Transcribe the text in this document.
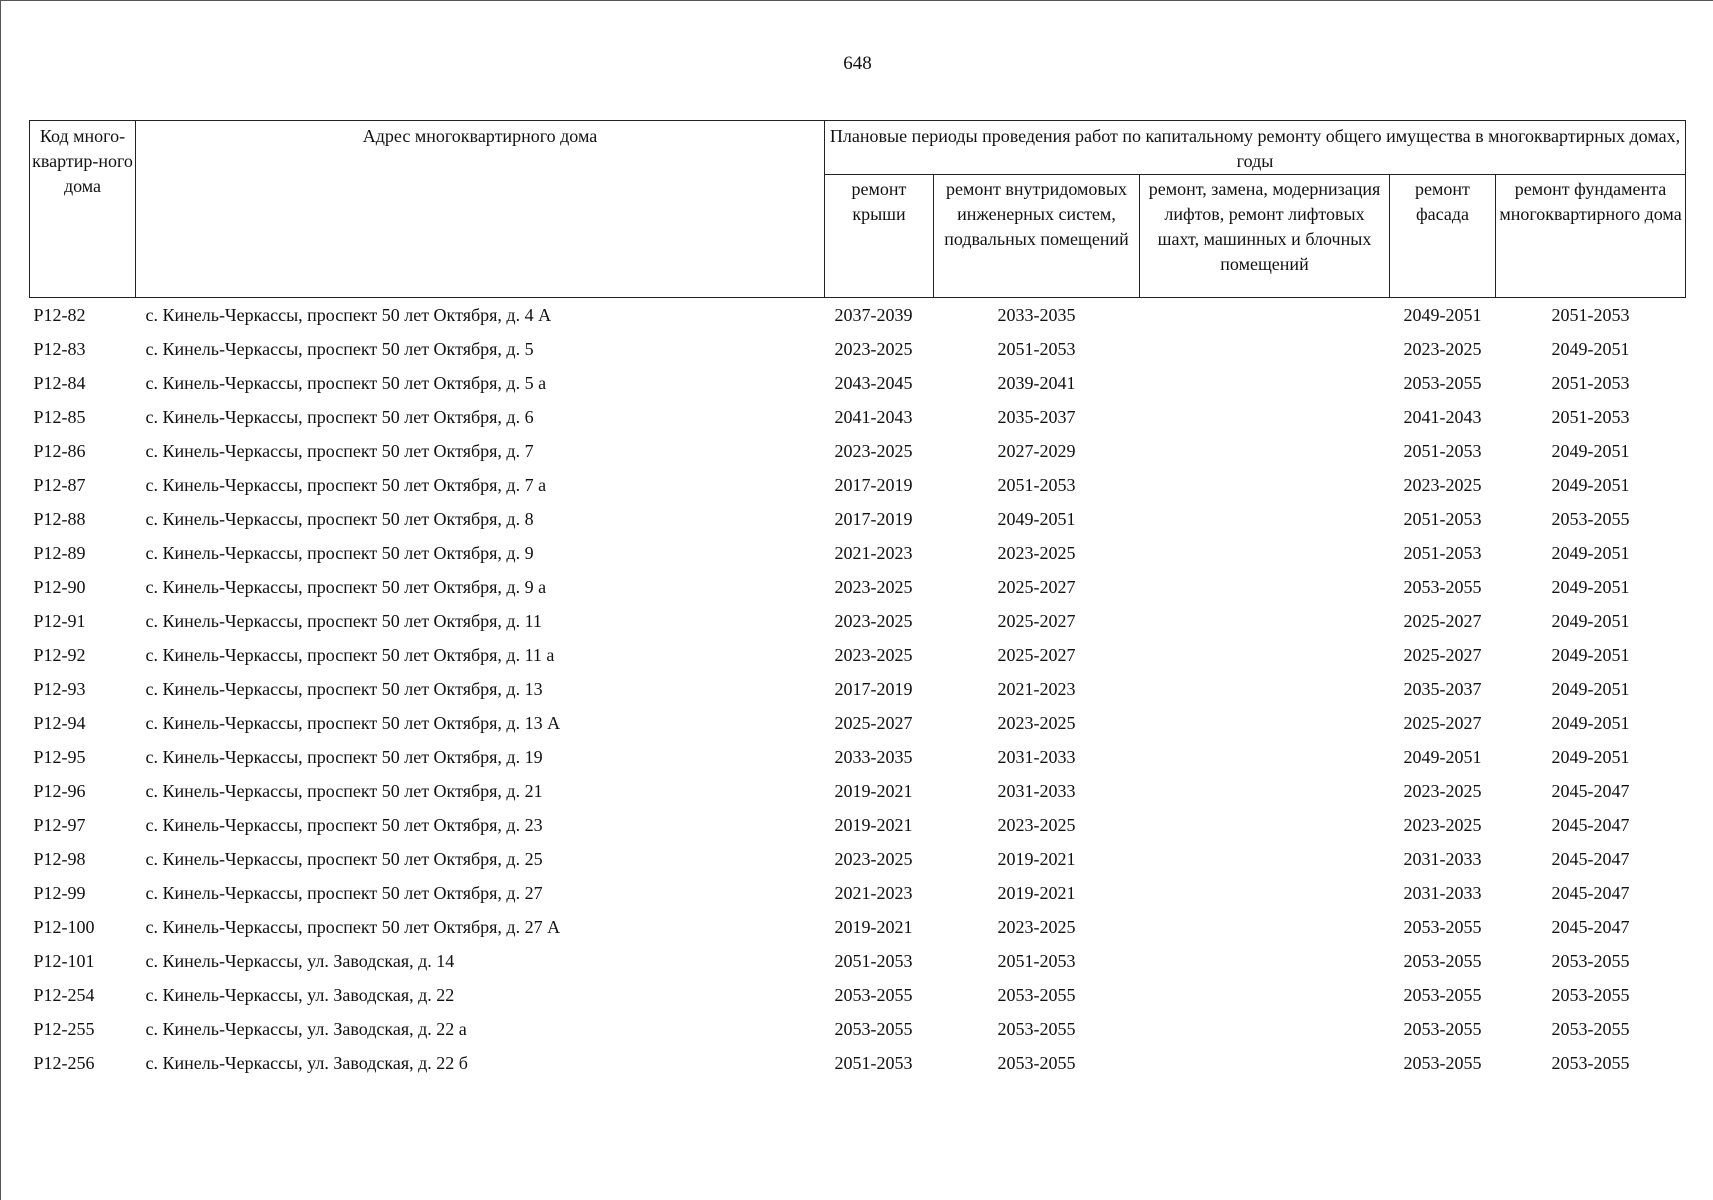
648
Код много-квартир-ного дома	Адрес многоквартирного дома	Плановые периоды проведения работ по капитальному ремонту общего имущества в многоквартирных домах, годы				
		ремонт крыши	ремонт внутридомовых инженерных систем, подвальных помещений	ремонт, замена, модернизация лифтов, ремонт лифтовых шахт, машинных и блочных помещений	ремонт фасада	ремонт фундамента многоквартирного дома
Р12-82	с. Кинель-Черкассы, проспект 50 лет Октября, д. 4 А	2037-2039	2033-2035		2049-2051	2051-2053
Р12-83	с. Кинель-Черкассы, проспект 50 лет Октября, д. 5	2023-2025	2051-2053		2023-2025	2049-2051
Р12-84	с. Кинель-Черкассы, проспект 50 лет Октября, д. 5 а	2043-2045	2039-2041		2053-2055	2051-2053
Р12-85	с. Кинель-Черкассы, проспект 50 лет Октября, д. 6	2041-2043	2035-2037		2041-2043	2051-2053
Р12-86	с. Кинель-Черкассы, проспект 50 лет Октября, д. 7	2023-2025	2027-2029		2051-2053	2049-2051
Р12-87	с. Кинель-Черкассы, проспект 50 лет Октября, д. 7 а	2017-2019	2051-2053		2023-2025	2049-2051
Р12-88	с. Кинель-Черкассы, проспект 50 лет Октября, д. 8	2017-2019	2049-2051		2051-2053	2053-2055
Р12-89	с. Кинель-Черкассы, проспект 50 лет Октября, д. 9	2021-2023	2023-2025		2051-2053	2049-2051
Р12-90	с. Кинель-Черкассы, проспект 50 лет Октября, д. 9 а	2023-2025	2025-2027		2053-2055	2049-2051
Р12-91	с. Кинель-Черкассы, проспект 50 лет Октября, д. 11	2023-2025	2025-2027		2025-2027	2049-2051
Р12-92	с. Кинель-Черкассы, проспект 50 лет Октября, д. 11 а	2023-2025	2025-2027		2025-2027	2049-2051
Р12-93	с. Кинель-Черкассы, проспект 50 лет Октября, д. 13	2017-2019	2021-2023		2035-2037	2049-2051
Р12-94	с. Кинель-Черкассы, проспект 50 лет Октября, д. 13 А	2025-2027	2023-2025		2025-2027	2049-2051
Р12-95	с. Кинель-Черкассы, проспект 50 лет Октября, д. 19	2033-2035	2031-2033		2049-2051	2049-2051
Р12-96	с. Кинель-Черкассы, проспект 50 лет Октября, д. 21	2019-2021	2031-2033		2023-2025	2045-2047
Р12-97	с. Кинель-Черкассы, проспект 50 лет Октября, д. 23	2019-2021	2023-2025		2023-2025	2045-2047
Р12-98	с. Кинель-Черкассы, проспект 50 лет Октября, д. 25	2023-2025	2019-2021		2031-2033	2045-2047
Р12-99	с. Кинель-Черкассы, проспект 50 лет Октября, д. 27	2021-2023	2019-2021		2031-2033	2045-2047
Р12-100	с. Кинель-Черкассы, проспект 50 лет Октября, д. 27 А	2019-2021	2023-2025		2053-2055	2045-2047
Р12-101	с. Кинель-Черкассы, ул. Заводская, д. 14	2051-2053	2051-2053		2053-2055	2053-2055
Р12-254	с. Кинель-Черкассы, ул. Заводская, д. 22	2053-2055	2053-2055		2053-2055	2053-2055
Р12-255	с. Кинель-Черкассы, ул. Заводская, д. 22 а	2053-2055	2053-2055		2053-2055	2053-2055
Р12-256	с. Кинель-Черкассы, ул. Заводская, д. 22 б	2051-2053	2053-2055		2053-2055	2053-2055
